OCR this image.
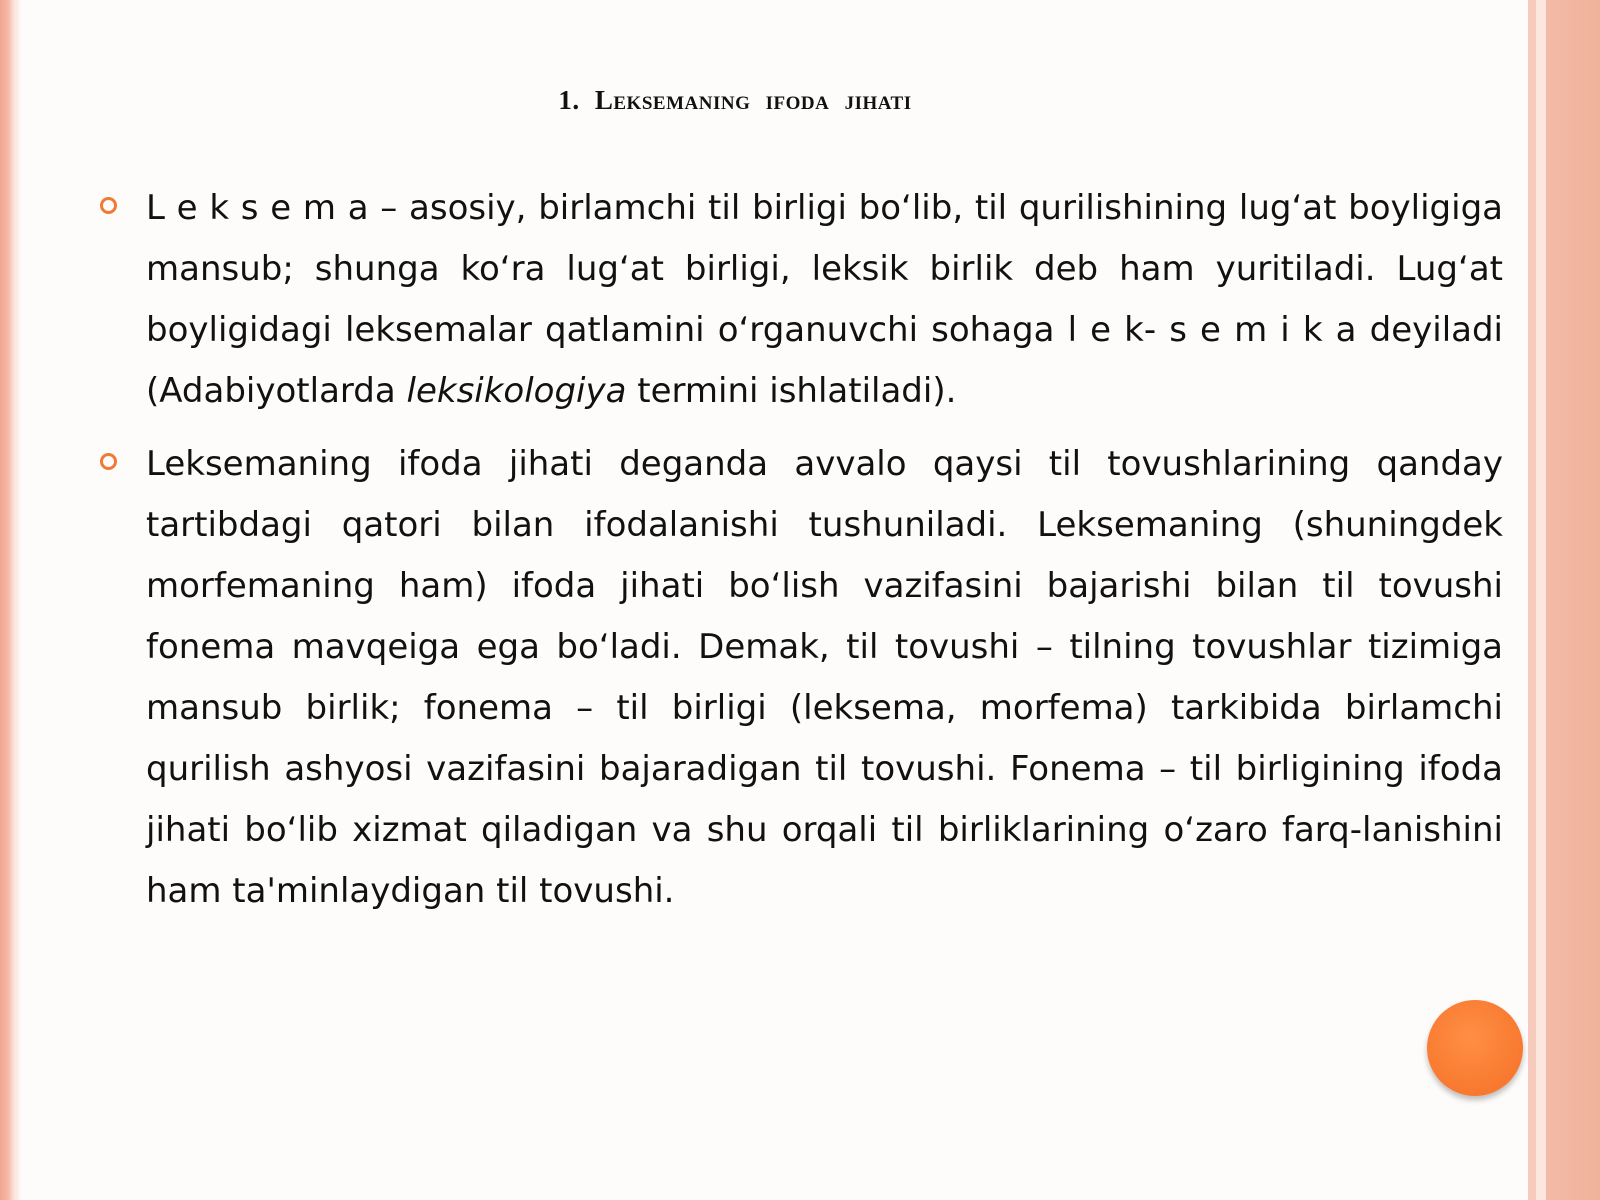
1. Leksemaning ifoda jihati

L e k s e m a – asosiy, birlamchi til birligi bo‘lib, til qurilishining lug‘at boyligiga mansub; shunga ko‘ra lug‘at birligi, leksik birlik deb ham yuritiladi. Lug‘at boyligidagi leksemalar qatlamini o‘rganuvchi sohaga l e k- s e m i k a deyiladi (Adabiyotlarda leksikologiya termini ishlatiladi).

Leksemaning ifoda jihati deganda avvalo qaysi til tovushlarining qanday tartibdagi qatori bilan ifodalanishi tushuniladi. Leksemaning (shuningdek morfemaning ham) ifoda jihati bo‘lish vazifasini bajarishi bilan til tovushi fonema mavqeiga ega bo‘ladi. Demak, til tovushi – tilning tovushlar tizimiga mansub birlik; fonema – til birligi (leksema, morfema) tarkibida birlamchi qurilish ashyosi vazifasini bajaradigan til tovushi. Fonema – til birligining ifoda jihati bo‘lib xizmat qiladigan va shu orqali til birliklarining o‘zaro farq-lanishini ham ta'minlaydigan til tovushi.
